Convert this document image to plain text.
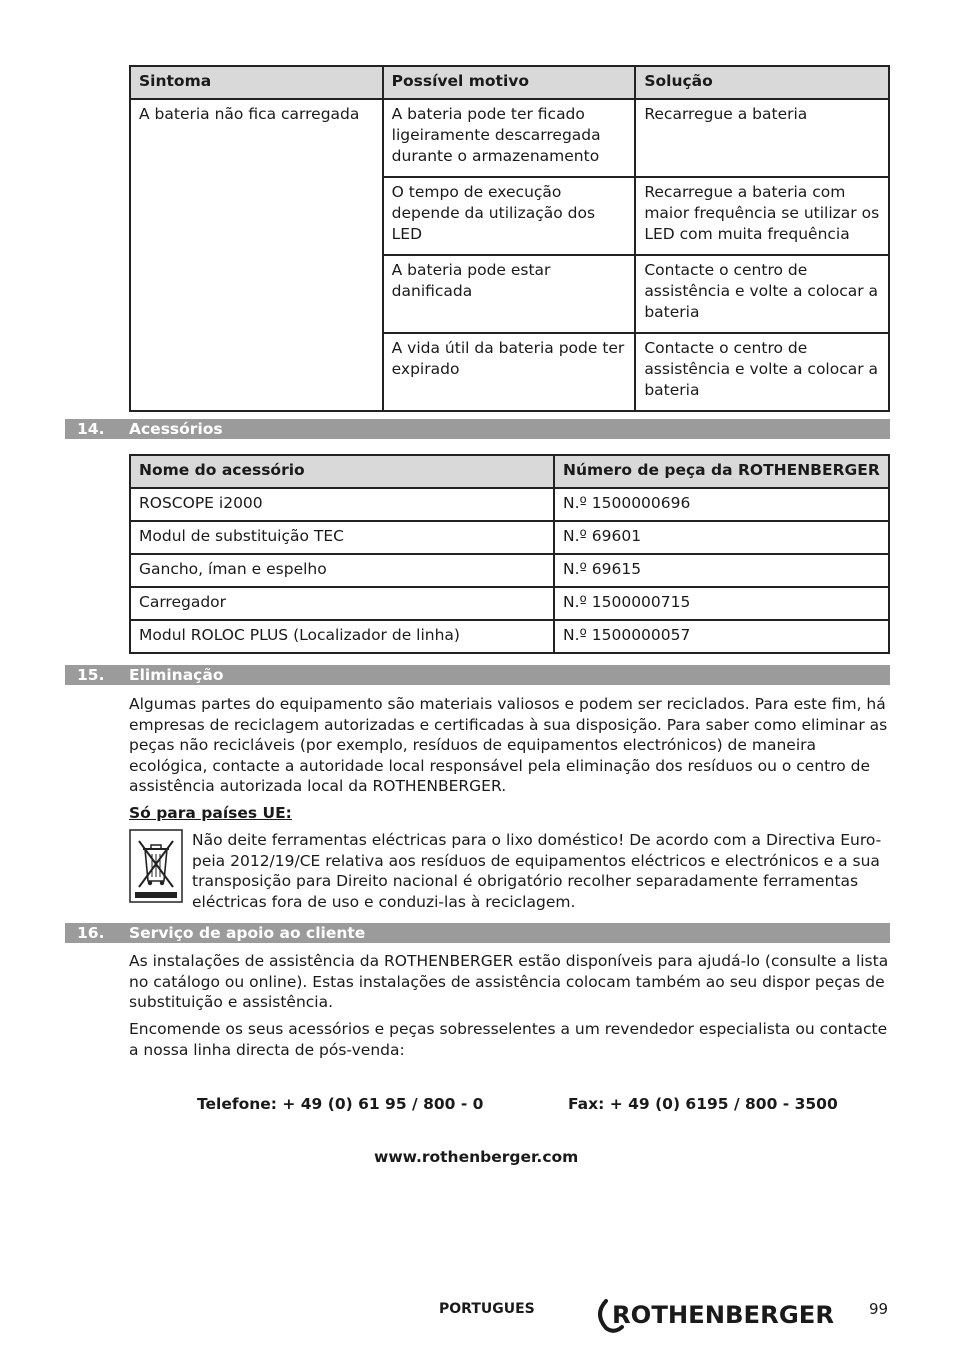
Sintoma	Possível motivo	Solução
A bateria não fica carregada	A bateria pode ter ficado ligeiramente descarregada durante o armazenamento	Recarregue a bateria
	O tempo de execução depende da utilização dos LED	Recarregue a bateria com maior frequência se utilizar os LED com muita frequência
	A bateria pode estar danificada	Contacte o centro de assistência e volte a colocar a bateria
	A vida útil da bateria pode ter expirado	Contacte o centro de assistência e volte a colocar a bateria
14. Acessórios
Nome do acessório	Número de peça da ROTHENBERGER
ROSCOPE i2000	N.º 1500000696
Modul de substituição TEC	N.º 69601
Gancho, íman e espelho	N.º 69615
Carregador	N.º 1500000715
Modul ROLOC PLUS (Localizador de linha)	N.º 1500000057
15. Eliminação

Algumas partes do equipamento são materiais valiosos e podem ser reciclados. Para este fim, há empresas de reciclagem autorizadas e certificadas à sua disposição. Para saber como eliminar as peças não recicláveis (por exemplo, resíduos de equipamentos electrónicos) de maneira ecológica, contacte a autoridade local responsável pela eliminação dos resíduos ou o centro de assistência autorizada local da ROTHENBERGER.

Só para países UE:

Não deite ferramentas eléctricas para o lixo doméstico! De acordo com a Directiva Euro-peia 2012/19/CE relativa aos resíduos de equipamentos eléctricos e electrónicos e a sua transposição para Direito nacional é obrigatório recolher separadamente ferramentas eléctricas fora de uso e conduzi-las à reciclagem.

16. Serviço de apoio ao cliente

As instalações de assistência da ROTHENBERGER estão disponíveis para ajudá-lo (consulte a lista no catálogo ou online). Estas instalações de assistência colocam também ao seu dispor peças de substituição e assistência.

Encomende os seus acessórios e peças sobresselentes a um revendedor especialista ou contacte a nossa linha directa de pós-venda:

Telefone: + 49 (0) 61 95 / 800 - 0	Fax: + 49 (0) 6195 / 800 - 3500
www.rothenberger.com
PORTUGUES	ROTHENBERGER 99
